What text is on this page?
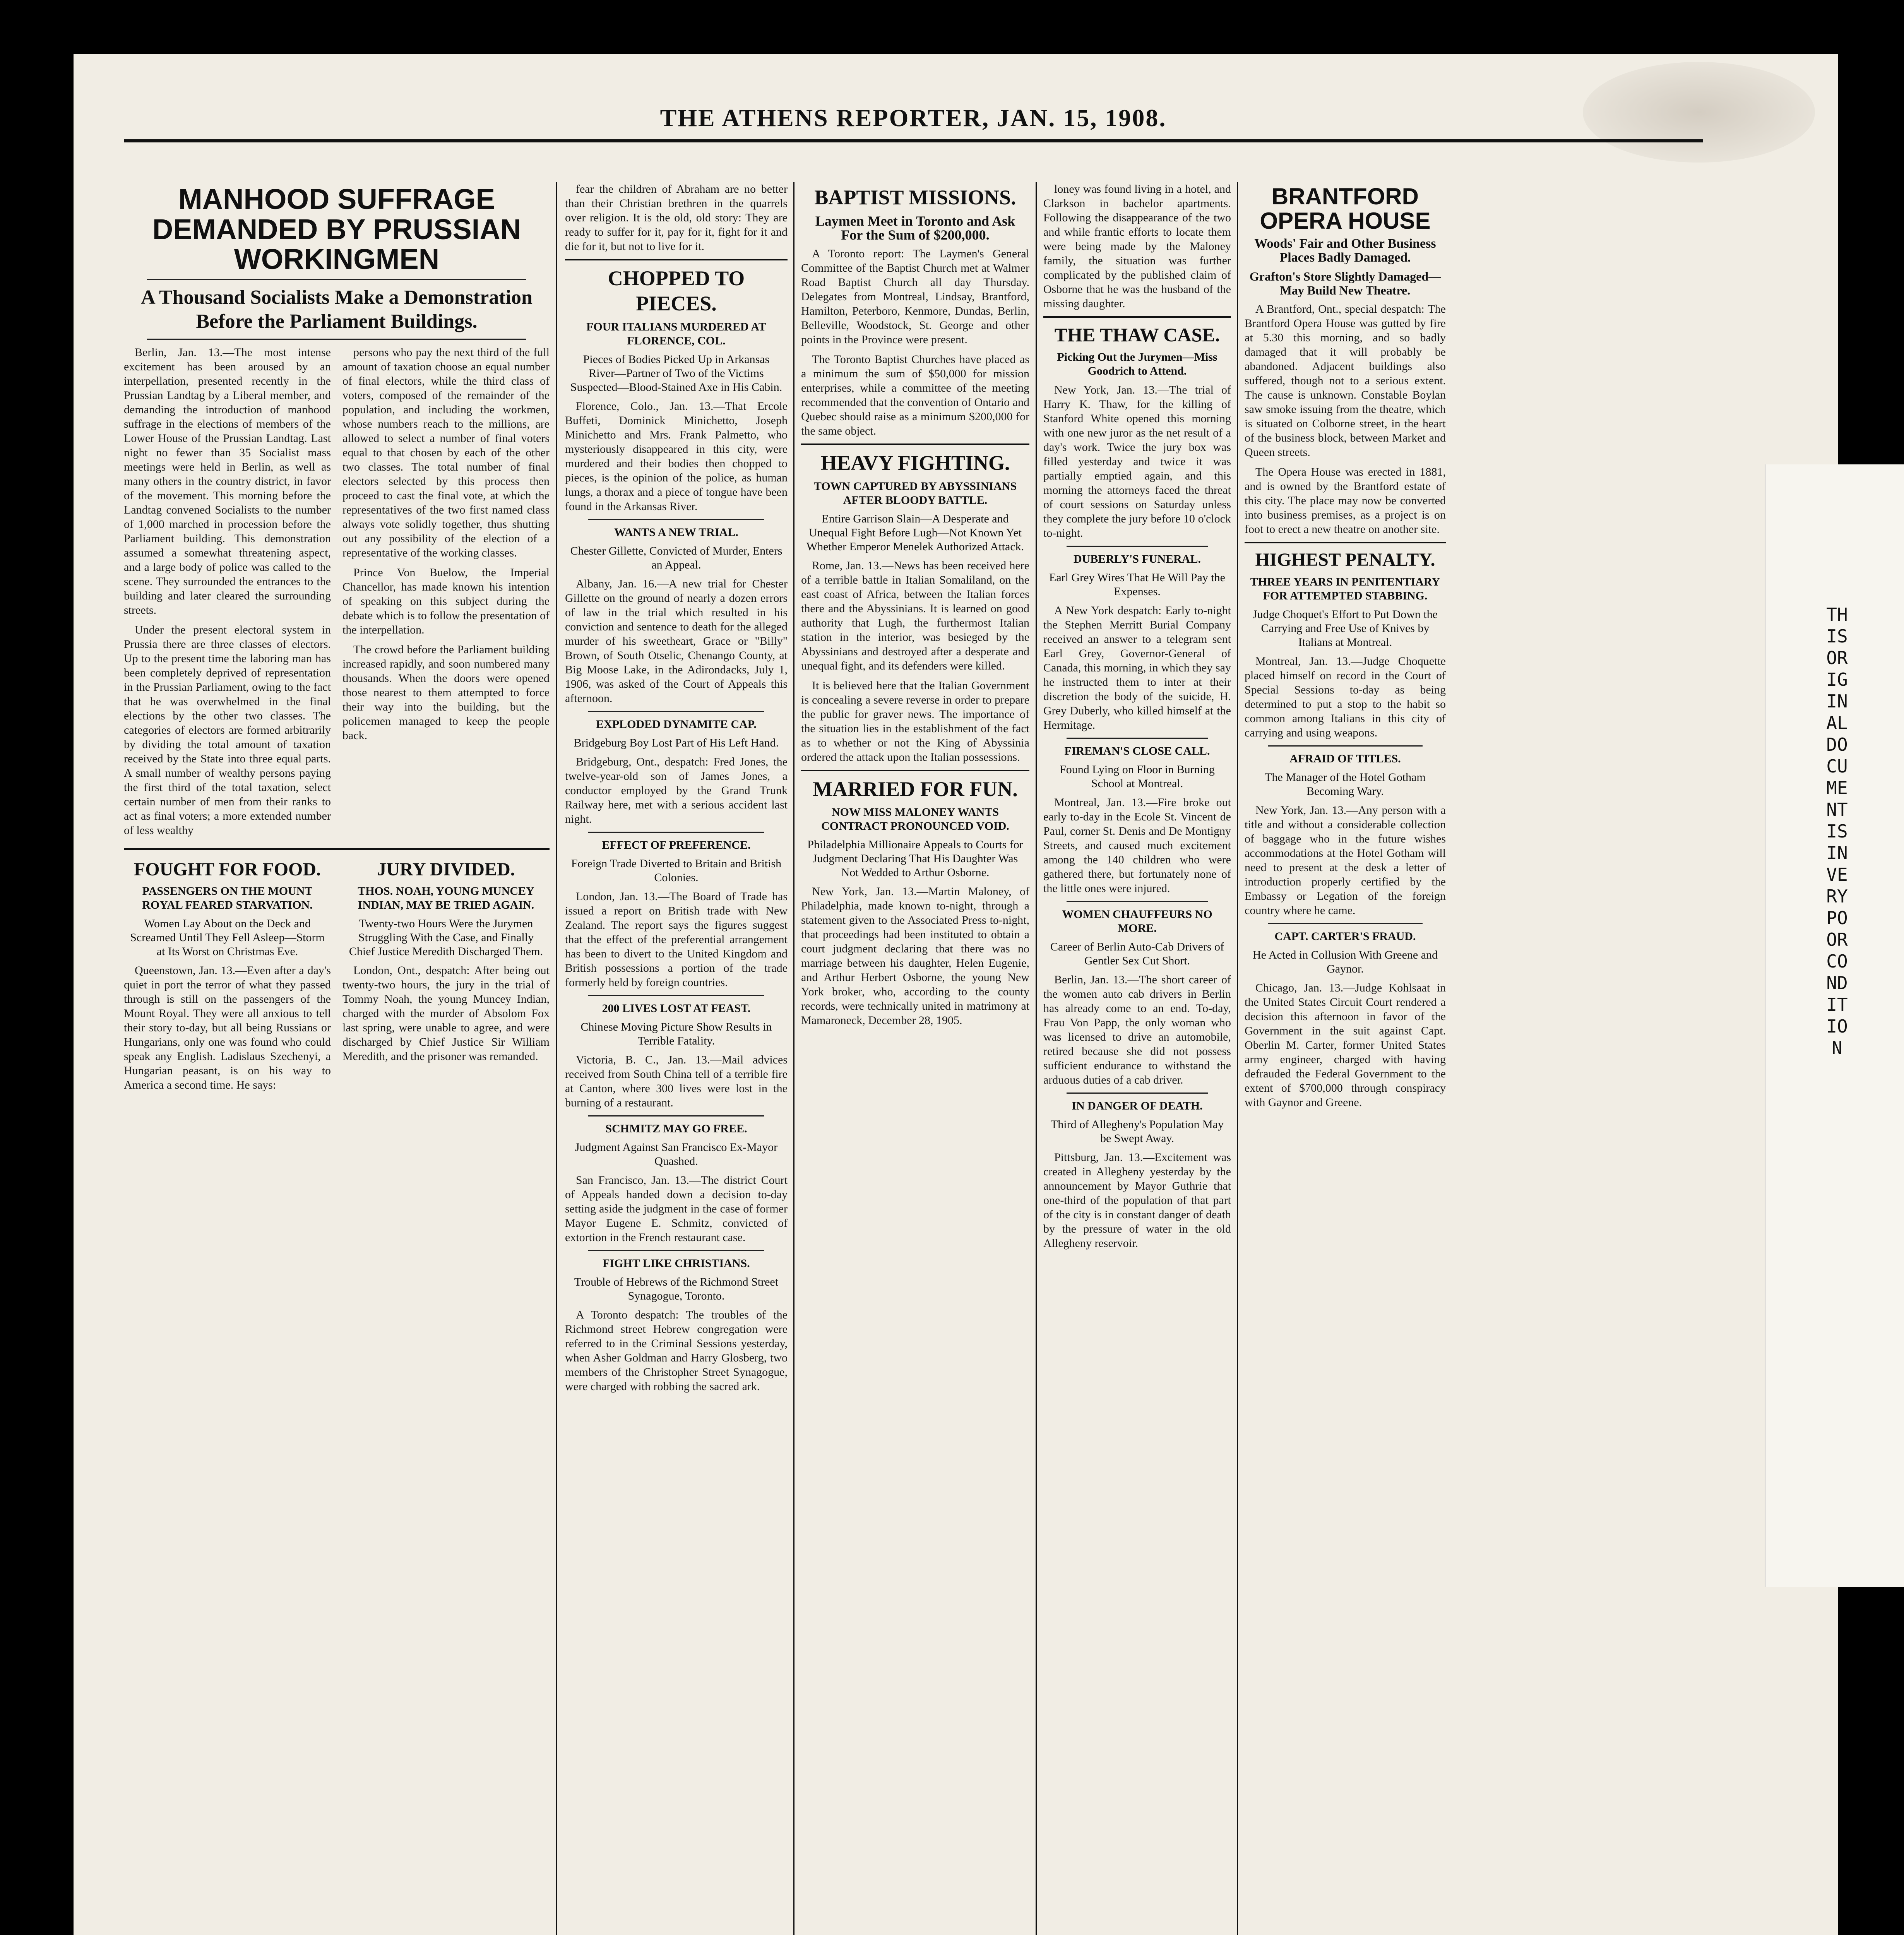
THIS ORIGINAL DOCUMENT IS IN VERY POOR CONDITION
THE ATHENS REPORTER, JAN. 15, 1908.
MANHOOD SUFFRAGE DEMANDED BY PRUSSIAN WORKINGMEN
A Thousand Socialists Make a Demonstration Before the Parliament Buildings.

Berlin, Jan. 13.—The most intense excitement has been aroused by an interpellation, presented recently in the Prussian Landtag by a Liberal member, and demanding the introduction of manhood suffrage in the elections of members of the Lower House of the Prussian Landtag. Last night no fewer than 35 Socialist mass meetings were held in Berlin, as well as many others in the country district, in favor of the movement. This morning before the Landtag convened Socialists to the number of 1,000 marched in procession before the Parliament building. This demonstration assumed a somewhat threatening aspect, and a large body of police was called to the scene. They surrounded the entrances to the building and later cleared the surrounding streets.

Under the present electoral system in Prussia there are three classes of electors. Up to the present time the laboring man has been completely deprived of representation in the Prussian Parliament, owing to the fact that he was overwhelmed in the final elections by the other two classes. The categories of electors are formed arbitrarily by dividing the total amount of taxation received by the State into three equal parts. A small number of wealthy persons paying the first third of the total taxation, select certain number of men from their ranks to act as final voters; a more extended number of less wealthy

persons who pay the next third of the full amount of taxation choose an equal number of final electors, while the third class of voters, composed of the remainder of the population, and including the workmen, whose numbers reach to the millions, are allowed to select a number of final voters equal to that chosen by each of the other two classes. The total number of final electors selected by this process then proceed to cast the final vote, at which the representatives of the two first named class always vote solidly together, thus shutting out any possibility of the election of a representative of the working classes.

Prince Von Buelow, the Imperial Chancellor, has made known his intention of speaking on this subject during the debate which is to follow the presentation of the interpellation.

The crowd before the Parliament building increased rapidly, and soon numbered many thousands. When the doors were opened those nearest to them attempted to force their way into the building, but the policemen managed to keep the people back.

FOUGHT FOR FOOD.
PASSENGERS ON THE MOUNT ROYAL FEARED STARVATION.
Women Lay About on the Deck and Screamed Until They Fell Asleep—Storm at Its Worst on Christmas Eve.

Queenstown, Jan. 13.—Even after a day's quiet in port the terror of what they passed through is still on the passengers of the Mount Royal. They were all anxious to tell their story to-day, but all being Russians or Hungarians, only one was found who could speak any English. Ladislaus Szechenyi, a Hungarian peasant, is on his way to America a second time. He says:

JURY DIVIDED.
THOS. NOAH, YOUNG MUNCEY INDIAN, MAY BE TRIED AGAIN.
Twenty-two Hours Were the Jurymen Struggling With the Case, and Finally Chief Justice Meredith Discharged Them.

London, Ont., despatch: After being out twenty-two hours, the jury in the trial of Tommy Noah, the young Muncey Indian, charged with the murder of Absolom Fox last spring, were unable to agree, and were discharged by Chief Justice Sir William Meredith, and the prisoner was remanded.

fear the children of Abraham are no better than their Christian brethren in the quarrels over religion. It is the old, old story: They are ready to suffer for it, pay for it, fight for it and die for it, but not to live for it.

CHOPPED TO PIECES.
FOUR ITALIANS MURDERED AT FLORENCE, COL.
Pieces of Bodies Picked Up in Arkansas River—Partner of Two of the Victims Suspected—Blood-Stained Axe in His Cabin.

Florence, Colo., Jan. 13.—That Ercole Buffeti, Dominick Minichetto, Joseph Minichetto and Mrs. Frank Palmetto, who mysteriously disappeared in this city, were murdered and their bodies then chopped to pieces, is the opinion of the police, as human lungs, a thorax and a piece of tongue have been found in the Arkansas River.

WANTS A NEW TRIAL.
Chester Gillette, Convicted of Murder, Enters an Appeal.

Albany, Jan. 16.—A new trial for Chester Gillette on the ground of nearly a dozen errors of law in the trial which resulted in his conviction and sentence to death for the alleged murder of his sweetheart, Grace or "Billy" Brown, of South Otselic, Chenango County, at Big Moose Lake, in the Adirondacks, July 1, 1906, was asked of the Court of Appeals this afternoon.

EXPLODED DYNAMITE CAP.
Bridgeburg Boy Lost Part of His Left Hand.

Bridgeburg, Ont., despatch: Fred Jones, the twelve-year-old son of James Jones, a conductor employed by the Grand Trunk Railway here, met with a serious accident last night.

EFFECT OF PREFERENCE.
Foreign Trade Diverted to Britain and British Colonies.

London, Jan. 13.—The Board of Trade has issued a report on British trade with New Zealand. The report says the figures suggest that the effect of the preferential arrangement has been to divert to the United Kingdom and British possessions a portion of the trade formerly held by foreign countries.

200 LIVES LOST AT FEAST.
Chinese Moving Picture Show Results in Terrible Fatality.

Victoria, B. C., Jan. 13.—Mail advices received from South China tell of a terrible fire at Canton, where 300 lives were lost in the burning of a restaurant.

SCHMITZ MAY GO FREE.
Judgment Against San Francisco Ex-Mayor Quashed.

San Francisco, Jan. 13.—The district Court of Appeals handed down a decision to-day setting aside the judgment in the case of former Mayor Eugene E. Schmitz, convicted of extortion in the French restaurant case.

FIGHT LIKE CHRISTIANS.
Trouble of Hebrews of the Richmond Street Synagogue, Toronto.

A Toronto despatch: The troubles of the Richmond street Hebrew congregation were referred to in the Criminal Sessions yesterday, when Asher Goldman and Harry Glosberg, two members of the Christopher Street Synagogue, were charged with robbing the sacred ark.

BAPTIST MISSIONS.
Laymen Meet in Toronto and Ask For the Sum of $200,000.

A Toronto report: The Laymen's General Committee of the Baptist Church met at Walmer Road Baptist Church all day Thursday. Delegates from Montreal, Lindsay, Brantford, Hamilton, Peterboro, Kenmore, Dundas, Berlin, Belleville, Woodstock, St. George and other points in the Province were present.

The Toronto Baptist Churches have placed as a minimum the sum of $50,000 for mission enterprises, while a committee of the meeting recommended that the convention of Ontario and Quebec should raise as a minimum $200,000 for the same object.

HEAVY FIGHTING.
TOWN CAPTURED BY ABYSSINIANS AFTER BLOODY BATTLE.
Entire Garrison Slain—A Desperate and Unequal Fight Before Lugh—Not Known Yet Whether Emperor Menelek Authorized Attack.

Rome, Jan. 13.—News has been received here of a terrible battle in Italian Somaliland, on the east coast of Africa, between the Italian forces there and the Abyssinians. It is learned on good authority that Lugh, the furthermost Italian station in the interior, was besieged by the Abyssinians and destroyed after a desperate and unequal fight, and its defenders were killed.

It is believed here that the Italian Government is concealing a severe reverse in order to prepare the public for graver news. The importance of the situation lies in the establishment of the fact as to whether or not the King of Abyssinia ordered the attack upon the Italian possessions.

MARRIED FOR FUN.
NOW MISS MALONEY WANTS CONTRACT PRONOUNCED VOID.
Philadelphia Millionaire Appeals to Courts for Judgment Declaring That His Daughter Was Not Wedded to Arthur Osborne.

New York, Jan. 13.—Martin Maloney, of Philadelphia, made known to-night, through a statement given to the Associated Press to-night, that proceedings had been instituted to obtain a court judgment declaring that there was no marriage between his daughter, Helen Eugenie, and Arthur Herbert Osborne, the young New York broker, who, according to the county records, were technically united in matrimony at Mamaroneck, December 28, 1905.

loney was found living in a hotel, and Clarkson in bachelor apartments. Following the disappearance of the two and while frantic efforts to locate them were being made by the Maloney family, the situation was further complicated by the published claim of Osborne that he was the husband of the missing daughter.

THE THAW CASE.
Picking Out the Jurymen—Miss Goodrich to Attend.

New York, Jan. 13.—The trial of Harry K. Thaw, for the killing of Stanford White opened this morning with one new juror as the net result of a day's work. Twice the jury box was filled yesterday and twice it was partially emptied again, and this morning the attorneys faced the threat of court sessions on Saturday unless they complete the jury before 10 o'clock to-night.

DUBERLY'S FUNERAL.
Earl Grey Wires That He Will Pay the Expenses.

A New York despatch: Early to-night the Stephen Merritt Burial Company received an answer to a telegram sent Earl Grey, Governor-General of Canada, this morning, in which they say he instructed them to inter at their discretion the body of the suicide, H. Grey Duberly, who killed himself at the Hermitage.

FIREMAN'S CLOSE CALL.
Found Lying on Floor in Burning School at Montreal.

Montreal, Jan. 13.—Fire broke out early to-day in the Ecole St. Vincent de Paul, corner St. Denis and De Montigny Streets, and caused much excitement among the 140 children who were gathered there, but fortunately none of the little ones were injured.

WOMEN CHAUFFEURS NO MORE.
Career of Berlin Auto-Cab Drivers of Gentler Sex Cut Short.

Berlin, Jan. 13.—The short career of the women auto cab drivers in Berlin has already come to an end. To-day, Frau Von Papp, the only woman who was licensed to drive an automobile, retired because she did not possess sufficient endurance to withstand the arduous duties of a cab driver.

IN DANGER OF DEATH.
Third of Allegheny's Population May be Swept Away.

Pittsburg, Jan. 13.—Excitement was created in Allegheny yesterday by the announcement by Mayor Guthrie that one-third of the population of that part of the city is in constant danger of death by the pressure of water in the old Allegheny reservoir.

BRANTFORD OPERA HOUSE
Woods' Fair and Other Business Places Badly Damaged.
Grafton's Store Slightly Damaged—May Build New Theatre.

A Brantford, Ont., special despatch: The Brantford Opera House was gutted by fire at 5.30 this morning, and so badly damaged that it will probably be abandoned. Adjacent buildings also suffered, though not to a serious extent. The cause is unknown. Constable Boylan saw smoke issuing from the theatre, which is situated on Colborne street, in the heart of the business block, between Market and Queen streets.

The Opera House was erected in 1881, and is owned by the Brantford estate of this city. The place may now be converted into business premises, as a project is on foot to erect a new theatre on another site.

HIGHEST PENALTY.
THREE YEARS IN PENITENTIARY FOR ATTEMPTED STABBING.
Judge Choquet's Effort to Put Down the Carrying and Free Use of Knives by Italians at Montreal.

Montreal, Jan. 13.—Judge Choquette placed himself on record in the Court of Special Sessions to-day as being determined to put a stop to the habit so common among Italians in this city of carrying and using weapons.

AFRAID OF TITLES.
The Manager of the Hotel Gotham Becoming Wary.

New York, Jan. 13.—Any person with a title and without a considerable collection of baggage who in the future wishes accommodations at the Hotel Gotham will need to present at the desk a letter of introduction properly certified by the Embassy or Legation of the foreign country where he came.

CAPT. CARTER'S FRAUD.
He Acted in Collusion With Greene and Gaynor.

Chicago, Jan. 13.—Judge Kohlsaat in the United States Circuit Court rendered a decision this afternoon in favor of the Government in the suit against Capt. Oberlin M. Carter, former United States army engineer, charged with having defrauded the Federal Government to the extent of $700,000 through conspiracy with Gaynor and Greene.
